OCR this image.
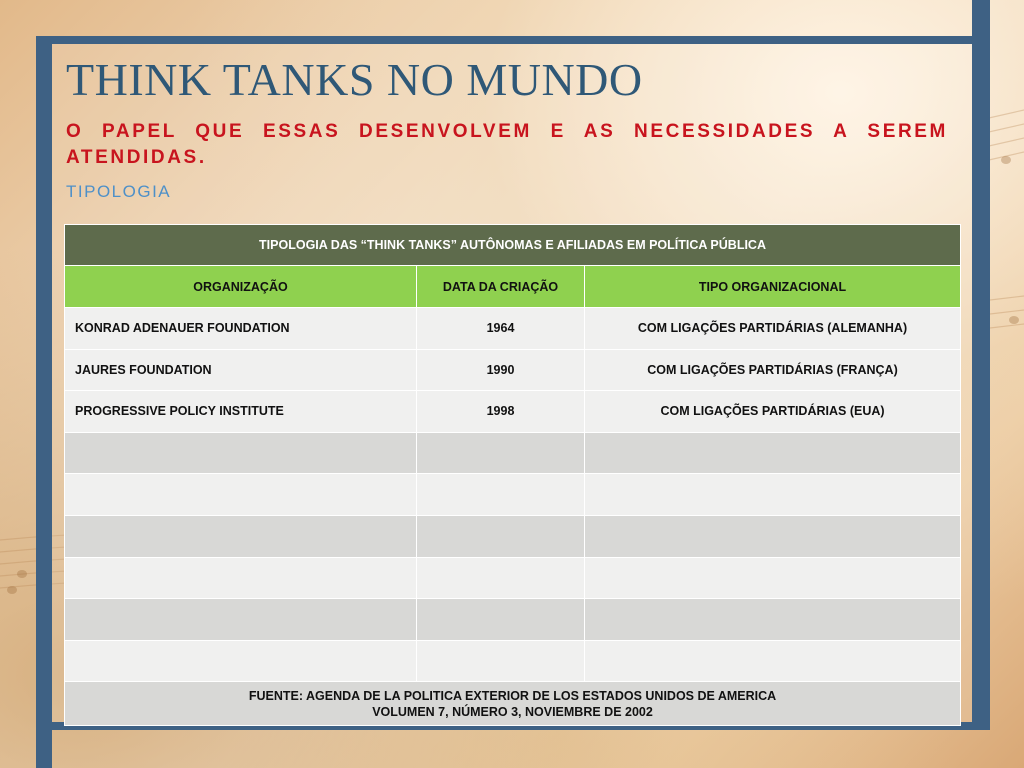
THINK TANKS NO MUNDO
O PAPEL QUE ESSAS DESENVOLVEM E AS NECESSIDADES A SEREM ATENDIDAS.
TIPOLOGIA
TIPOLOGIA DAS “THINK TANKS” AUTÔNOMAS E AFILIADAS EM POLÍTICA PÚBLICA		
ORGANIZAÇÃO	DATA DA CRIAÇÃO	TIPO ORGANIZACIONAL
KONRAD ADENAUER FOUNDATION	1964	COM LIGAÇÕES PARTIDÁRIAS (ALEMANHA)
JAURES FOUNDATION	1990	COM LIGAÇÕES PARTIDÁRIAS (FRANÇA)
PROGRESSIVE POLICY INSTITUTE	1998	COM LIGAÇÕES PARTIDÁRIAS (EUA)

FUENTE: AGENDA DE LA POLITICA EXTERIOR DE LOS ESTADOS UNIDOS DE AMERICA
VOLUMEN 7, NÚMERO 3, NOVIEMBRE DE 2002		
